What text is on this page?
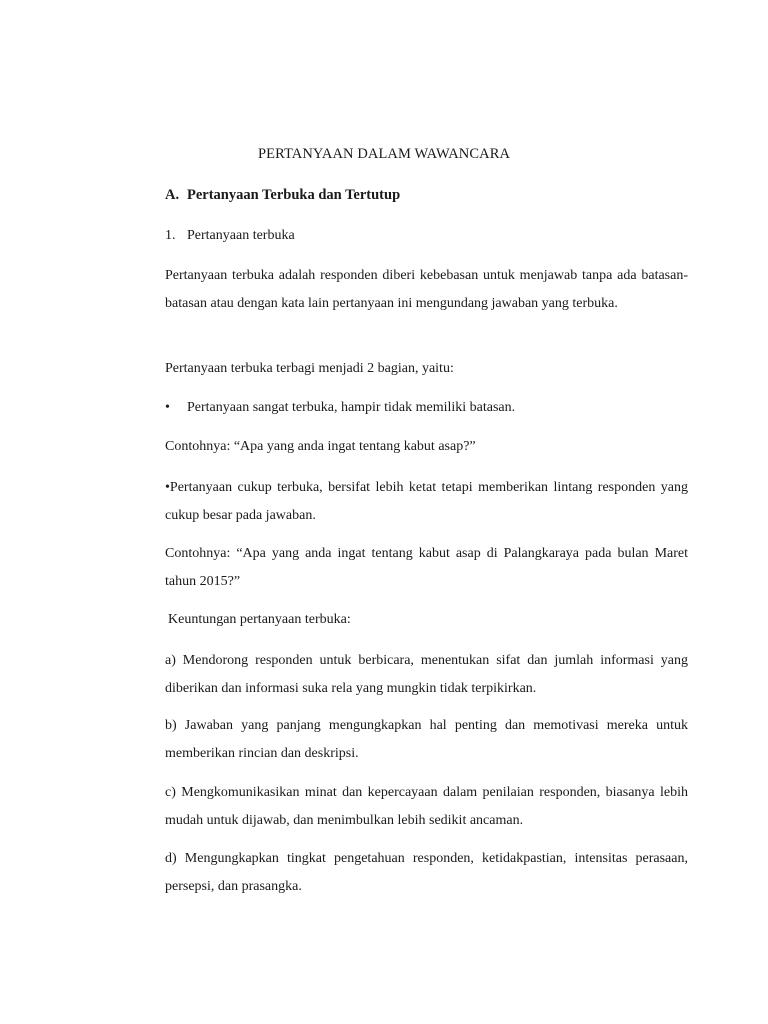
PERTANYAAN DALAM WAWANCARA
A. Pertanyaan Terbuka dan Tertutup
1. Pertanyaan terbuka
Pertanyaan terbuka adalah responden diberi kebebasan untuk menjawab tanpa ada batasan-batasan atau dengan kata lain pertanyaan ini mengundang jawaban yang terbuka.
Pertanyaan terbuka terbagi menjadi 2 bagian, yaitu:
• Pertanyaan sangat terbuka, hampir tidak memiliki batasan.
Contohnya: “Apa yang anda ingat tentang kabut asap?”
•Pertanyaan cukup terbuka, bersifat lebih ketat tetapi memberikan lintang responden yang cukup besar pada jawaban.
Contohnya: “Apa yang anda ingat tentang kabut asap di Palangkaraya pada bulan Maret tahun 2015?”
Keuntungan pertanyaan terbuka:
a) Mendorong responden untuk berbicara, menentukan sifat dan jumlah informasi yang diberikan dan informasi suka rela yang mungkin tidak terpikirkan.
b) Jawaban yang panjang mengungkapkan hal penting dan memotivasi mereka untuk memberikan rincian dan deskripsi.
c) Mengkomunikasikan minat dan kepercayaan dalam penilaian responden, biasanya lebih mudah untuk dijawab, dan menimbulkan lebih sedikit ancaman.
d) Mengungkapkan tingkat pengetahuan responden, ketidakpastian, intensitas perasaan, persepsi, dan prasangka.
